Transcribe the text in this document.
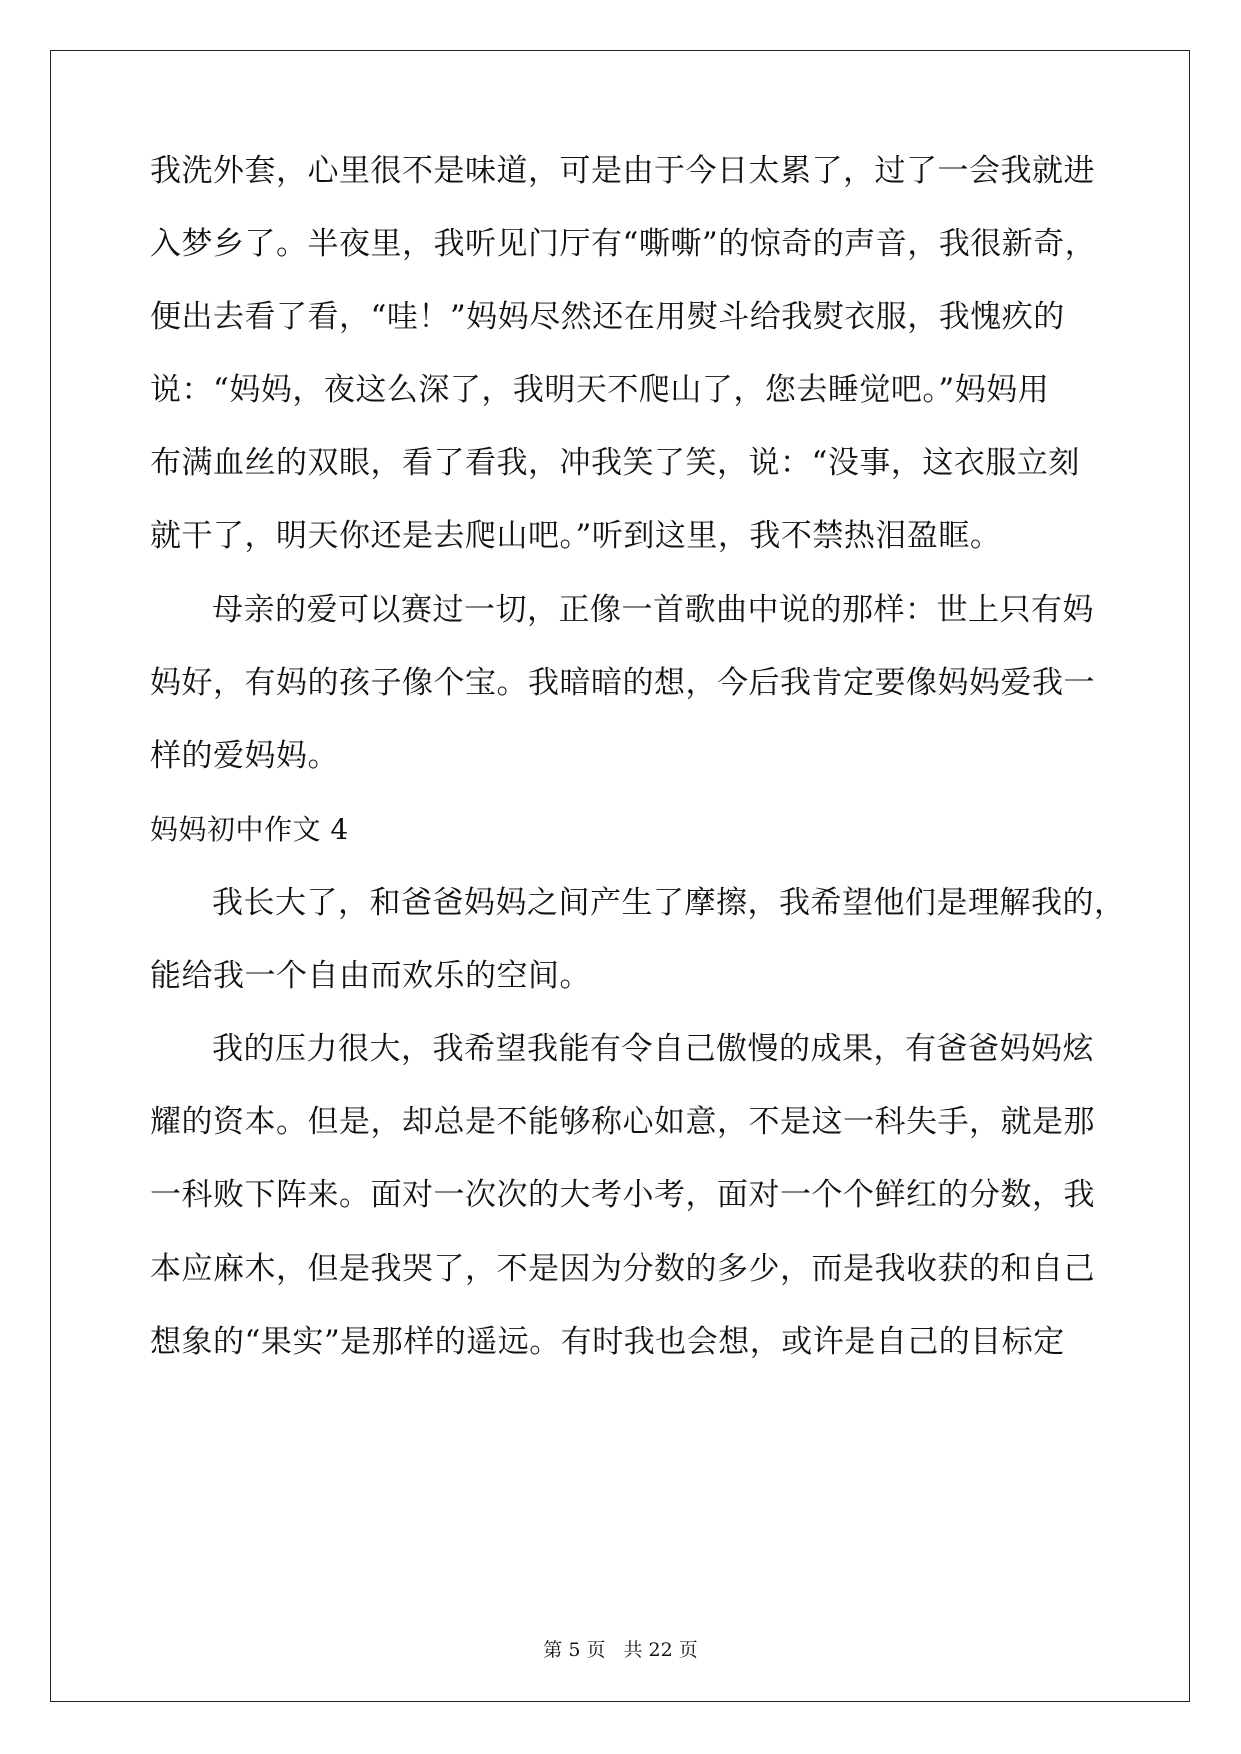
我洗外套，心里很不是味道，可是由于今日太累了，过了一会我就进
入梦乡了。半夜里，我听见门厅有“嘶嘶”的惊奇的声音，我很新奇，
便出去看了看，“哇！”妈妈尽然还在用熨斗给我熨衣服，我愧疚的
说：“妈妈，夜这么深了，我明天不爬山了，您去睡觉吧。”妈妈用
布满血丝的双眼，看了看我，冲我笑了笑，说：“没事，这衣服立刻
就干了，明天你还是去爬山吧。”听到这里，我不禁热泪盈眶。
母亲的爱可以赛过一切，正像一首歌曲中说的那样：世上只有妈
妈好，有妈的孩子像个宝。我暗暗的想，今后我肯定要像妈妈爱我一
样的爱妈妈。
妈妈初中作文 4
我长大了，和爸爸妈妈之间产生了摩擦，我希望他们是理解我的，
能给我一个自由而欢乐的空间。
我的压力很大，我希望我能有令自己傲慢的成果，有爸爸妈妈炫
耀的资本。但是，却总是不能够称心如意，不是这一科失手，就是那
一科败下阵来。面对一次次的大考小考，面对一个个鲜红的分数，我
本应麻木，但是我哭了，不是因为分数的多少，而是我收获的和自己
想象的“果实”是那样的遥远。有时我也会想，或许是自己的目标定
第 5 页 共 22 页
